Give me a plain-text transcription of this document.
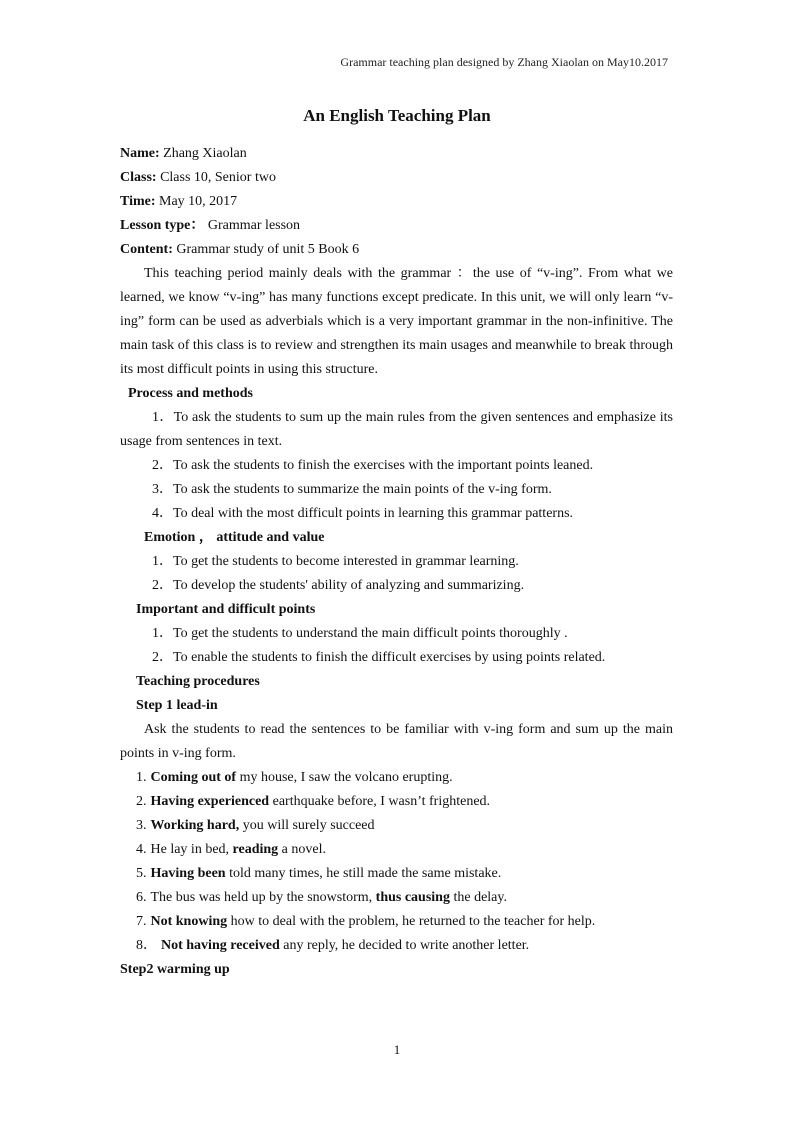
Grammar teaching plan designed by Zhang Xiaolan on May10.2017
An English Teaching Plan
Name: Zhang Xiaolan
Class: Class 10, Senior two
Time: May 10, 2017
Lesson type： Grammar lesson
Content: Grammar study of unit 5 Book 6

This teaching period mainly deals with the grammar ：the use of “v-ing”. From what we learned, we know “v-ing” has many functions except predicate. In this unit, we will only learn “v-ing” form can be used as adverbials which is a very important grammar in the non-infinitive. The main task of this class is to review and strengthen its main usages and meanwhile to break through its most difficult points in using this structure.

Process and methods

1．To ask the students to sum up the main rules from the given sentences and emphasize its usage from sentences in text.

2．To ask the students to finish the exercises with the important points leaned.
3．To ask the students to summarize the main points of the v-ing form.
4．To deal with the most difficult points in learning this grammar patterns.
Emotion ， attitude and value
1．To get the students to become interested in grammar learning.
2．To develop the students' ability of analyzing and summarizing.
Important and difficult points
1．To get the students to understand the main difficult points thoroughly .
2．To enable the students to finish the difficult exercises by using points related.
Teaching procedures
Step 1 lead-in

Ask the students to read the sentences to be familiar with v-ing form and sum up the main points in v-ing form.

1. Coming out of my house, I saw the volcano erupting.
2. Having experienced earthquake before, I wasn’t frightened.
3. Working hard, you will surely succeed
4. He lay in bed, reading a novel.
5. Having been told many times, he still made the same mistake.
6. The bus was held up by the snowstorm, thus causing the delay.
7. Not knowing how to deal with the problem, he returned to the teacher for help.
8． Not having received any reply, he decided to write another letter.
Step2 warming up
1
